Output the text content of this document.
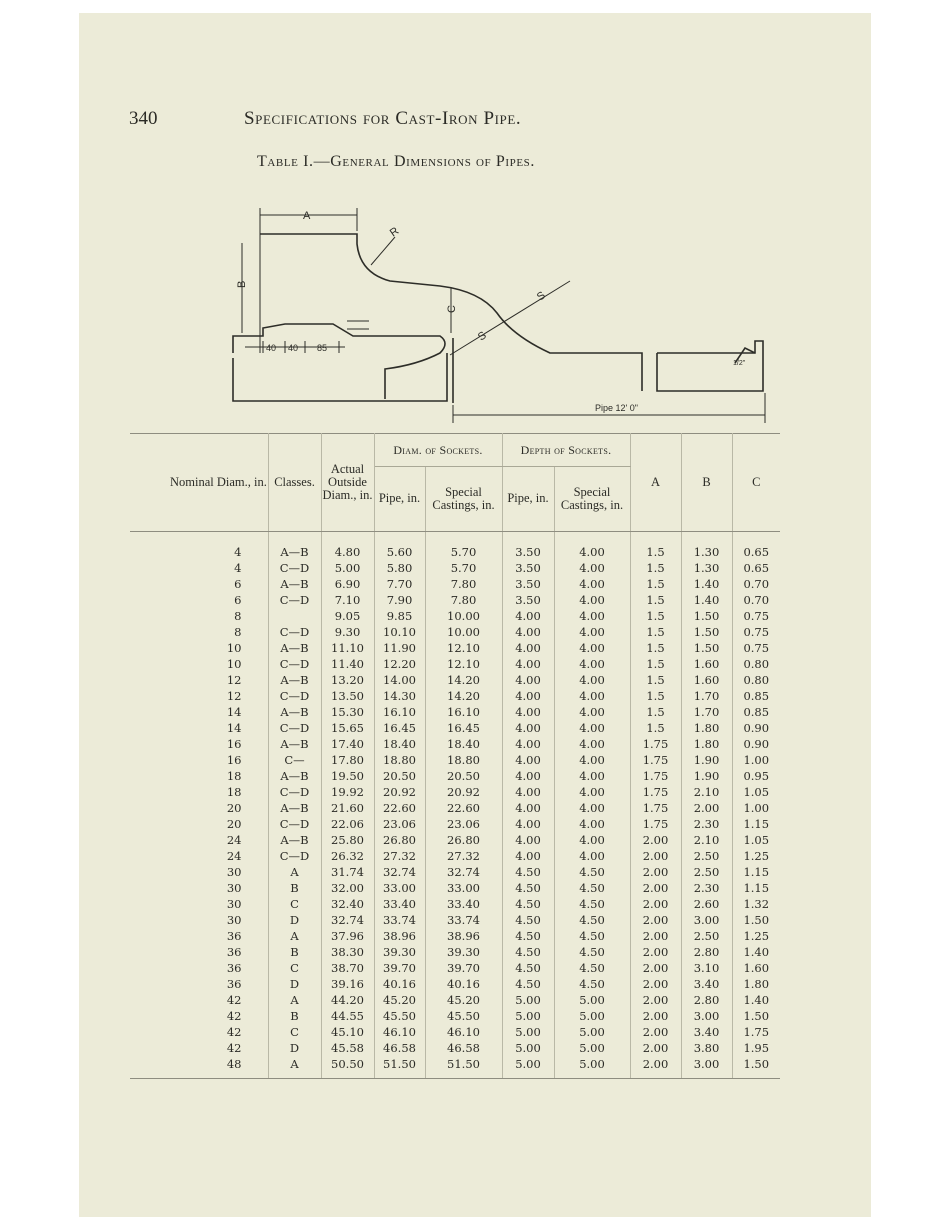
340	Specifications for Cast-Iron Pipe.
Table I.—General Dimensions of Pipes.
A
B
C
R
S
S
40 40 85
Pipe 12' 0"
1/2"
Nominal Diam., in.	Classes.	Actual Outside Diam., in.	Diam. of Sockets.		Depth of Sockets.		A	B	C
			Pipe, in.	Special Castings, in.	Pipe, in.	Special Castings, in.			
4	A—B	4.80	5.60	5.70	3.50	4.00	1.5	1.30	0.65
4	C—D	5.00	5.80	5.70	3.50	4.00	1.5	1.30	0.65
6	A—B	6.90	7.70	7.80	3.50	4.00	1.5	1.40	0.70
6	C—D	7.10	7.90	7.80	3.50	4.00	1.5	1.40	0.70
8		9.05	9.85	10.00	4.00	4.00	1.5	1.50	0.75
8	C—D	9.30	10.10	10.00	4.00	4.00	1.5	1.50	0.75
10	A—B	11.10	11.90	12.10	4.00	4.00	1.5	1.50	0.75
10	C—D	11.40	12.20	12.10	4.00	4.00	1.5	1.60	0.80
12	A—B	13.20	14.00	14.20	4.00	4.00	1.5	1.60	0.80
12	C—D	13.50	14.30	14.20	4.00	4.00	1.5	1.70	0.85
14	A—B	15.30	16.10	16.10	4.00	4.00	1.5	1.70	0.85
14	C—D	15.65	16.45	16.45	4.00	4.00	1.5	1.80	0.90
16	A—B	17.40	18.40	18.40	4.00	4.00	1.75	1.80	0.90
16	C—	17.80	18.80	18.80	4.00	4.00	1.75	1.90	1.00
18	A—B	19.50	20.50	20.50	4.00	4.00	1.75	1.90	0.95
18	C—D	19.92	20.92	20.92	4.00	4.00	1.75	2.10	1.05
20	A—B	21.60	22.60	22.60	4.00	4.00	1.75	2.00	1.00
20	C—D	22.06	23.06	23.06	4.00	4.00	1.75	2.30	1.15
24	A—B	25.80	26.80	26.80	4.00	4.00	2.00	2.10	1.05
24	C—D	26.32	27.32	27.32	4.00	4.00	2.00	2.50	1.25
30	A	31.74	32.74	32.74	4.50	4.50	2.00	2.50	1.15
30	B	32.00	33.00	33.00	4.50	4.50	2.00	2.30	1.15
30	C	32.40	33.40	33.40	4.50	4.50	2.00	2.60	1.32
30	D	32.74	33.74	33.74	4.50	4.50	2.00	3.00	1.50
36	A	37.96	38.96	38.96	4.50	4.50	2.00	2.50	1.25
36	B	38.30	39.30	39.30	4.50	4.50	2.00	2.80	1.40
36	C	38.70	39.70	39.70	4.50	4.50	2.00	3.10	1.60
36	D	39.16	40.16	40.16	4.50	4.50	2.00	3.40	1.80
42	A	44.20	45.20	45.20	5.00	5.00	2.00	2.80	1.40
42	B	44.55	45.50	45.50	5.00	5.00	2.00	3.00	1.50
42	C	45.10	46.10	46.10	5.00	5.00	2.00	3.40	1.75
42	D	45.58	46.58	46.58	5.00	5.00	2.00	3.80	1.95
48	A	50.50	51.50	51.50	5.00	5.00	2.00	3.00	1.50
